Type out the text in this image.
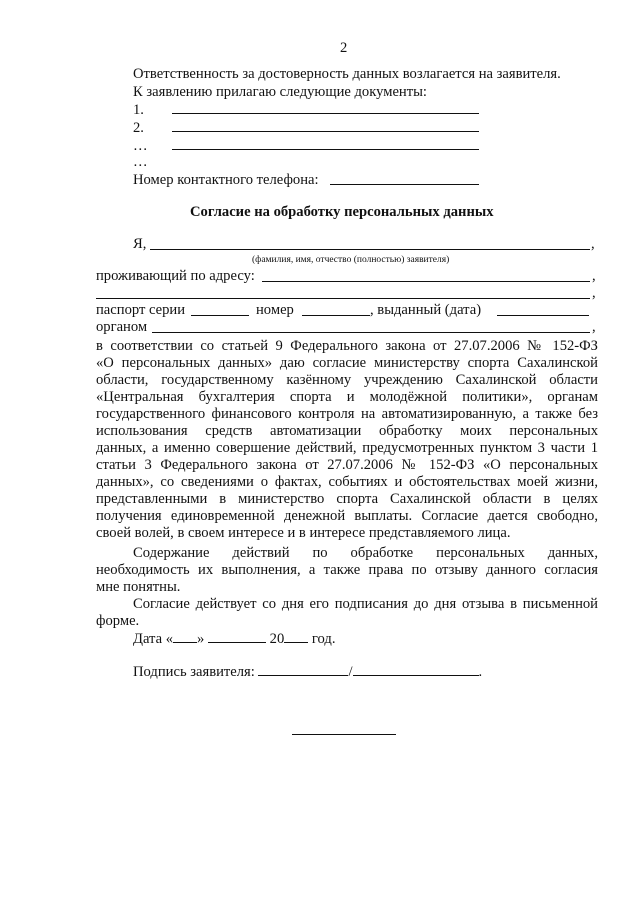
2
Ответственность за достоверность данных возлагается на заявителя.
К заявлению прилагаю следующие документы:
1.
2.
…
…
Номер контактного телефона:
Согласие на обработку персональных данных
Я,	,
(фамилия, имя, отчество (полностью) заявителя)
проживающий по адресу:	,
,
паспорт серии	номер	, выданный (дата)
органом	,
в соответствии со статьей 9 Федерального закона от 27.07.2006 № 152-ФЗ
«О персональных данных» даю согласие министерству спорта Сахалинской
области, государственному казённому учреждению Сахалинской области
«Центральная бухгалтерия спорта и молодёжной политики», органам
государственного финансового контроля на автоматизированную, а также без
использования средств автоматизации обработку моих персональных
данных, а именно совершение действий, предусмотренных пунктом 3 части 1
статьи 3 Федерального закона от 27.07.2006 № 152-ФЗ «О персональных
данных», со сведениями о фактах, событиях и обстоятельствах моей жизни,
представленными в министерство спорта Сахалинской области в целях
получения единовременной денежной выплаты. Согласие дается свободно,
своей волей, в своем интересе и в интересе представляемого лица.
Содержание действий по обработке персональных данных,
необходимость их выполнения, а также права по отзыву данного согласия
мне понятны.
Согласие действует со дня его подписания до дня отзыва в письменной
форме.
Дата « »	20 год.
Подпись заявителя:	/	.
